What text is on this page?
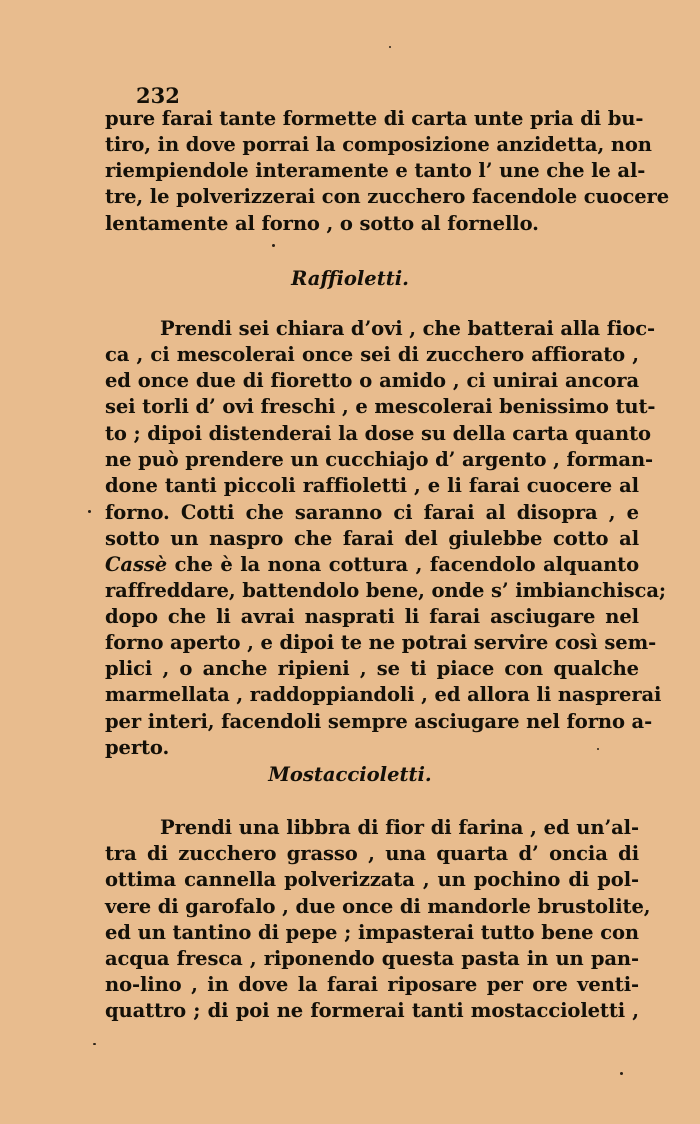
232
pure farai tante formette di carta unte pria di bu-
tiro, in dove porrai la composizione anzidetta, non
riempiendole interamente e tanto l’ une che le al-
tre, le polverizzerai con zucchero facendole cuocere
lentamente al forno , o sotto al fornello.
Raffioletti.
Prendi sei chiara d’ovi , che batterai alla fioc-
ca , ci mescolerai once sei di zucchero affiorato ,
ed once due di fioretto o amido , ci unirai ancora
sei torli d’ ovi freschi , e mescolerai benissimo tut-
to ; dipoi distenderai la dose su della carta quanto
ne può prendere un cucchiajo d’ argento , forman-
done tanti piccoli raffioletti , e li farai cuocere al
forno. Cotti che saranno ci farai al disopra , e
sotto un naspro che farai del giulebbe cotto al
Cassè che è la nona cottura , facendolo alquanto
raffreddare, battendolo bene, onde s’ imbianchisca;
dopo che li avrai nasprati li farai asciugare nel
forno aperto , e dipoi te ne potrai servire così sem-
plici , o anche ripieni , se ti piace con qualche
marmellata , raddoppiandoli , ed allora li nasprerai
per interi, facendoli sempre asciugare nel forno a-
perto.
Mostaccioletti.
Prendi una libbra di fior di farina , ed un’al-
tra di zucchero grasso , una quarta d’ oncia di
ottima cannella polverizzata , un pochino di pol-
vere di garofalo , due once di mandorle brustolite,
ed un tantino di pepe ; impasterai tutto bene con
acqua fresca , riponendo questa pasta in un pan-
no-lino , in dove la farai riposare per ore venti-
quattro ; di poi ne formerai tanti mostaccioletti ,
